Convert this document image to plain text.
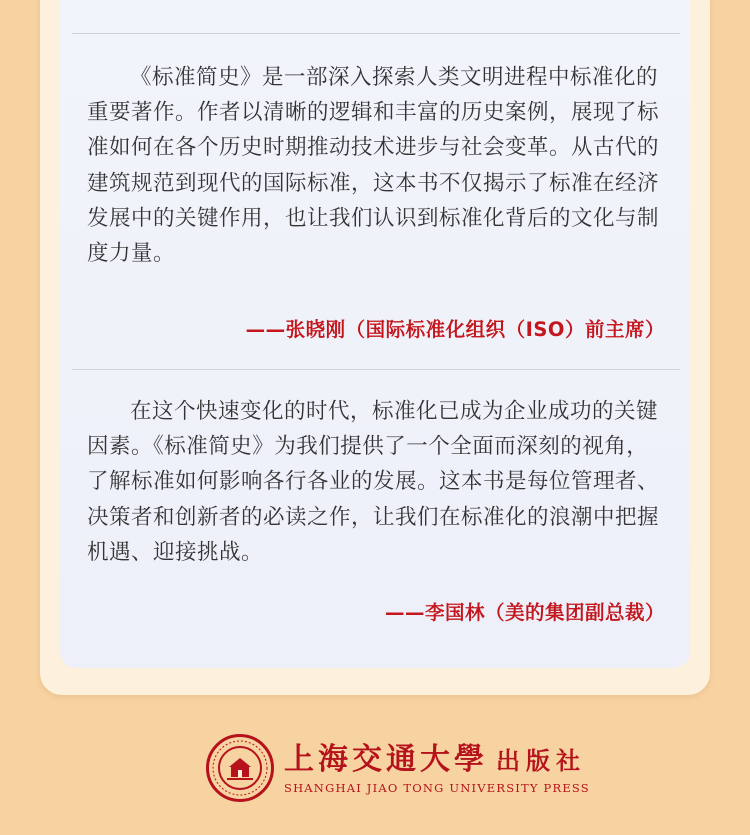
《标准简史》是一部深入探索人类文明进程中标准化的重要著作。作者以清晰的逻辑和丰富的历史案例，展现了标准如何在各个历史时期推动技术进步与社会变革。从古代的建筑规范到现代的国际标准，这本书不仅揭示了标准在经济发展中的关键作用，也让我们认识到标准化背后的文化与制度力量。

——张晓刚（国际标准化组织（ISO）前主席）

在这个快速变化的时代，标准化已成为企业成功的关键因素。《标准简史》为我们提供了一个全面而深刻的视角，了解标准如何影响各行各业的发展。这本书是每位管理者、决策者和创新者的必读之作，让我们在标准化的浪潮中把握机遇、迎接挑战。

——李国林（美的集团副总裁）

上海交通大學 出版社
SHANGHAI JIAO TONG UNIVERSITY PRESS
